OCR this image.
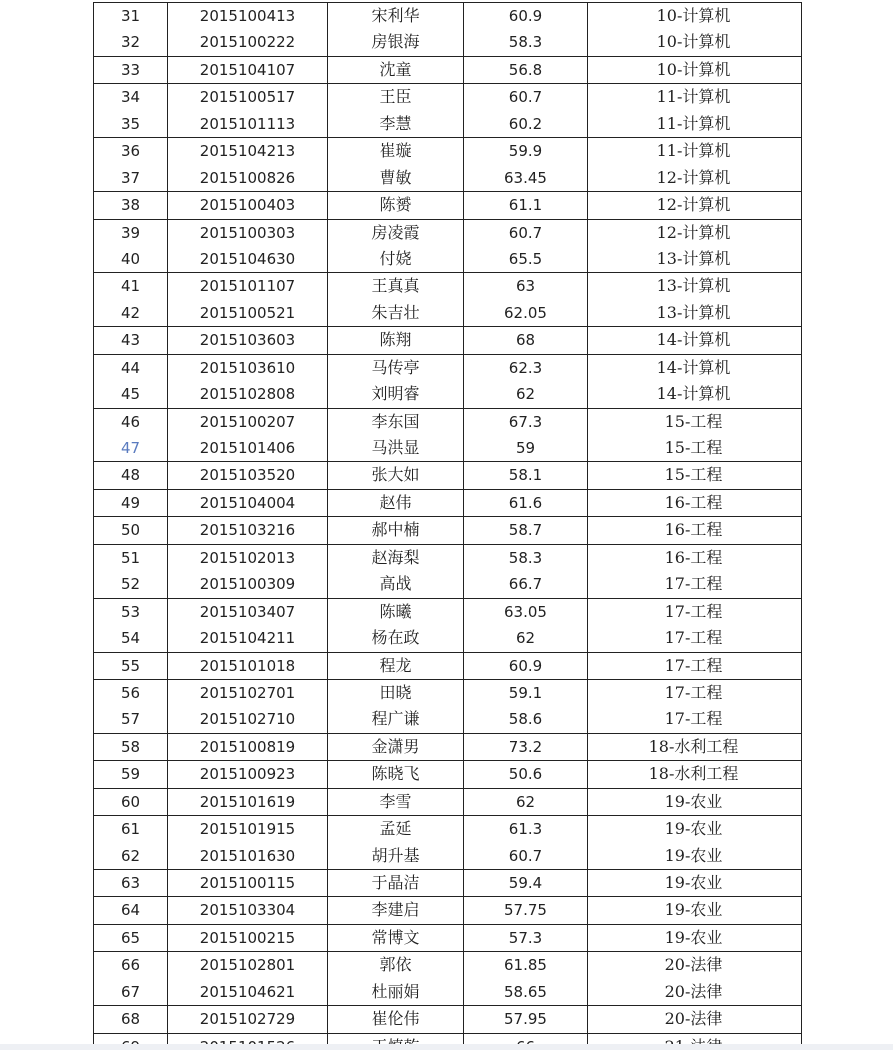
31	2015100413	宋利华	60.9	10-计算机
32	2015100222	房银海	58.3	10-计算机
33	2015104107	沈童	56.8	10-计算机
34	2015100517	王臣	60.7	11-计算机
35	2015101113	李慧	60.2	11-计算机
36	2015104213	崔璇	59.9	11-计算机
37	2015100826	曹敏	63.45	12-计算机
38	2015100403	陈赟	61.1	12-计算机
39	2015100303	房凌霞	60.7	12-计算机
40	2015104630	付娆	65.5	13-计算机
41	2015101107	王真真	63	13-计算机
42	2015100521	朱吉壮	62.05	13-计算机
43	2015103603	陈翔	68	14-计算机
44	2015103610	马传亭	62.3	14-计算机
45	2015102808	刘明睿	62	14-计算机
46	2015100207	李东国	67.3	15-工程
47	2015101406	马洪显	59	15-工程
48	2015103520	张大如	58.1	15-工程
49	2015104004	赵伟	61.6	16-工程
50	2015103216	郝中楠	58.7	16-工程
51	2015102013	赵海梨	58.3	16-工程
52	2015100309	高战	66.7	17-工程
53	2015103407	陈曦	63.05	17-工程
54	2015104211	杨在政	62	17-工程
55	2015101018	程龙	60.9	17-工程
56	2015102701	田晓	59.1	17-工程
57	2015102710	程广谦	58.6	17-工程
58	2015100819	金潇男	73.2	18-水利工程
59	2015100923	陈晓飞	50.6	18-水利工程
60	2015101619	李雪	62	19-农业
61	2015101915	孟延	61.3	19-农业
62	2015101630	胡升基	60.7	19-农业
63	2015100115	于晶洁	59.4	19-农业
64	2015103304	李建启	57.75	19-农业
65	2015100215	常博文	57.3	19-农业
66	2015102801	郭依	61.85	20-法律
67	2015104621	杜丽娟	58.65	20-法律
68	2015102729	崔伦伟	57.95	20-法律
